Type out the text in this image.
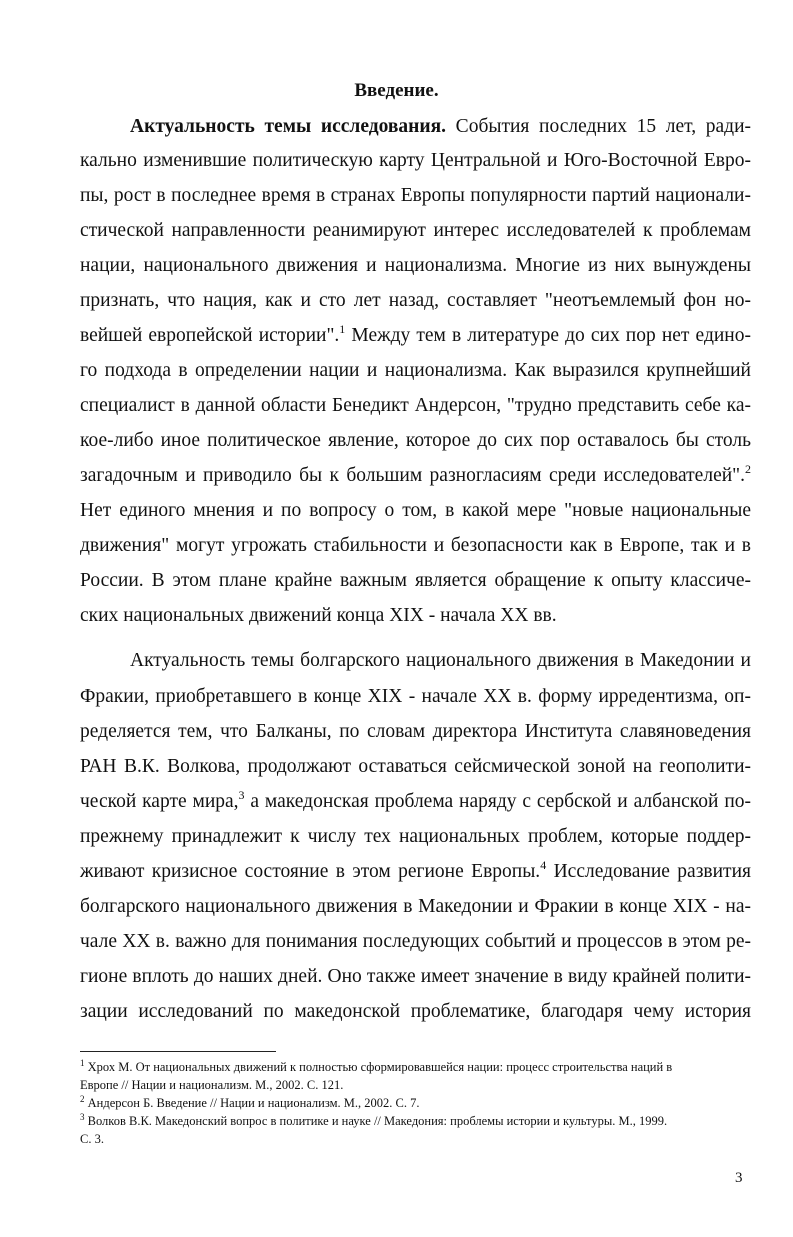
Введение.
Актуальность темы исследования. События последних 15 лет, ради-
кально изменившие политическую карту Центральной и Юго-Восточной Евро-
пы, рост в последнее время в странах Европы популярности партий национали-
стической направленности реанимируют интерес исследователей к проблемам
нации, национального движения и национализма. Многие из них вынуждены
признать, что нация, как и сто лет назад, составляет "неотъемлемый фон но-
вейшей европейской истории".$^1$ Между тем в литературе до сих пор нет едино-
го подхода в определении нации и национализма. Как выразился крупнейший
специалист в данной области Бенедикт Андерсон, "трудно представить себе ка-
кое-либо иное политическое явление, которое до сих пор оставалось бы столь
загадочным и приводило бы к большим разногласиям среди исследователей".$^2$
Нет единого мнения и по вопросу о том, в какой мере "новые национальные
движения" могут угрожать стабильности и безопасности как в Европе, так и в
России. В этом плане крайне важным является обращение к опыту классиче-
ских национальных движений конца XIX - начала XX вв.
Актуальность темы болгарского национального движения в Македонии и
Фракии, приобретавшего в конце XIX - начале XX в. форму ирредентизма, оп-
ределяется тем, что Балканы, по словам директора Института славяноведения
РАН В.К. Волкова, продолжают оставаться сейсмической зоной на геополити-
ческой карте мира,$^3$ а македонская проблема наряду с сербской и албанской по-
прежнему принадлежит к числу тех национальных проблем, которые поддер-
живают кризисное состояние в этом регионе Европы.$^4$ Исследование развития
болгарского национального движения в Македонии и Фракии в конце XIX - на-
чале XX в. важно для понимания последующих событий и процессов в этом ре-
гионе вплоть до наших дней. Оно также имеет значение в виду крайней полити-
зации исследований по македонской проблематике, благодаря чему история
$^1$ Хрох М. От национальных движений к полностью сформировавшейся нации: процесс строительства наций в
Европе // Нации и национализм. М., 2002. С. 121.
$^2$ Андерсон Б. Введение // Нации и национализм. М., 2002. С. 7.
$^3$ Волков В.К. Македонский вопрос в политике и науке // Македония: проблемы истории и культуры. М., 1999.
С. 3.
3
